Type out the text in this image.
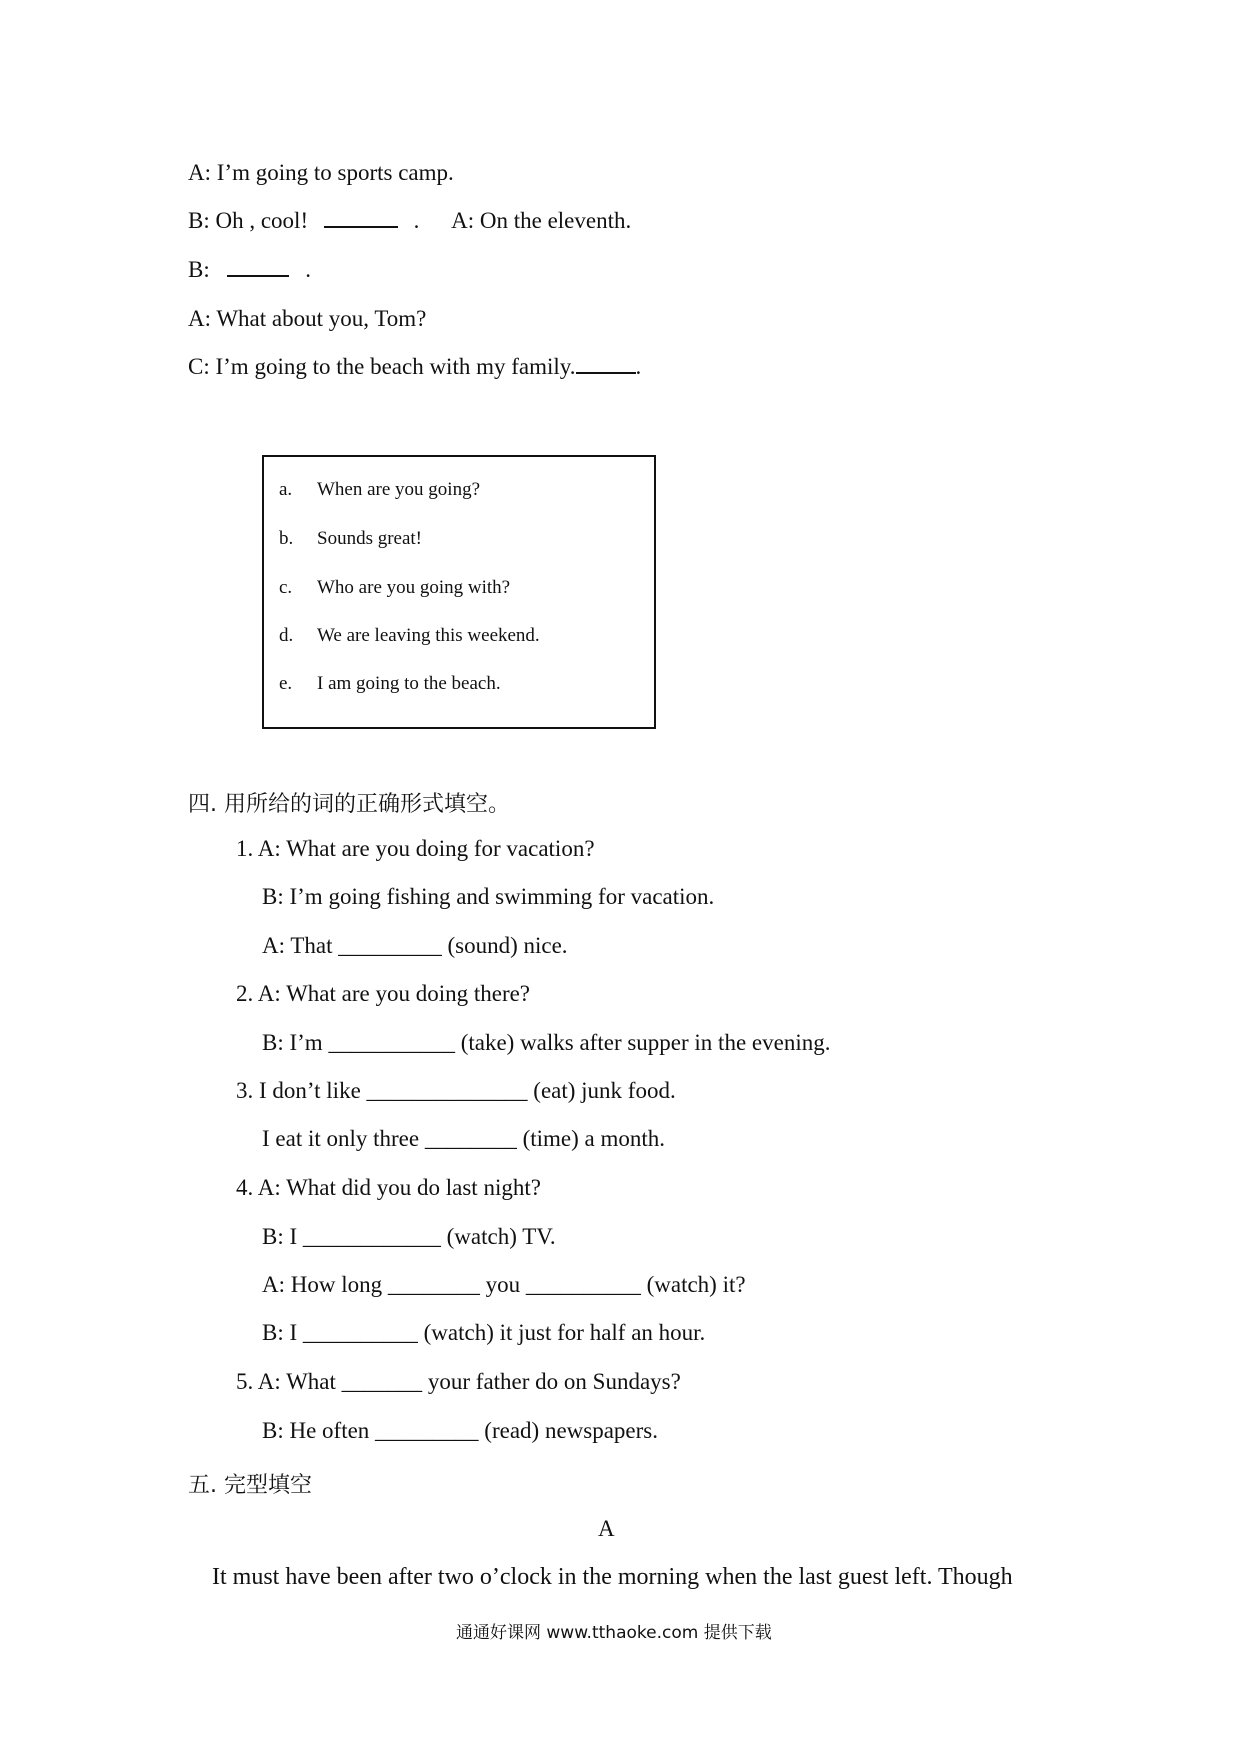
A: I’m going to sports camp.
B: Oh , cool!	. A: On the eleventh.
B:	.
A: What about you, Tom?
C: I’m going to the beach with my family.	.
a. When are you going?
b. Sounds great!
c. Who are you going with?
d. We are leaving this weekend.
e. I am going to the beach.
四. 用所给的词的正确形式填空。
1. A: What are you doing for vacation?
B: I’m going fishing and swimming for vacation.
A: That _________ (sound) nice.
2. A: What are you doing there?
B: I’m ___________ (take) walks after supper in the evening.
3. I don’t like ______________ (eat) junk food.
I eat it only three ________ (time) a month.
4. A: What did you do last night?
B: I ____________ (watch) TV.
A: How long ________ you __________ (watch) it?
B: I __________ (watch) it just for half an hour.
5. A: What _______ your father do on Sundays?
B: He often _________ (read) newspapers.
五. 完型填空
A
It must have been after two o’clock in the morning when the last guest left. Though
通通好课网 www.tthaoke.com 提供下载
